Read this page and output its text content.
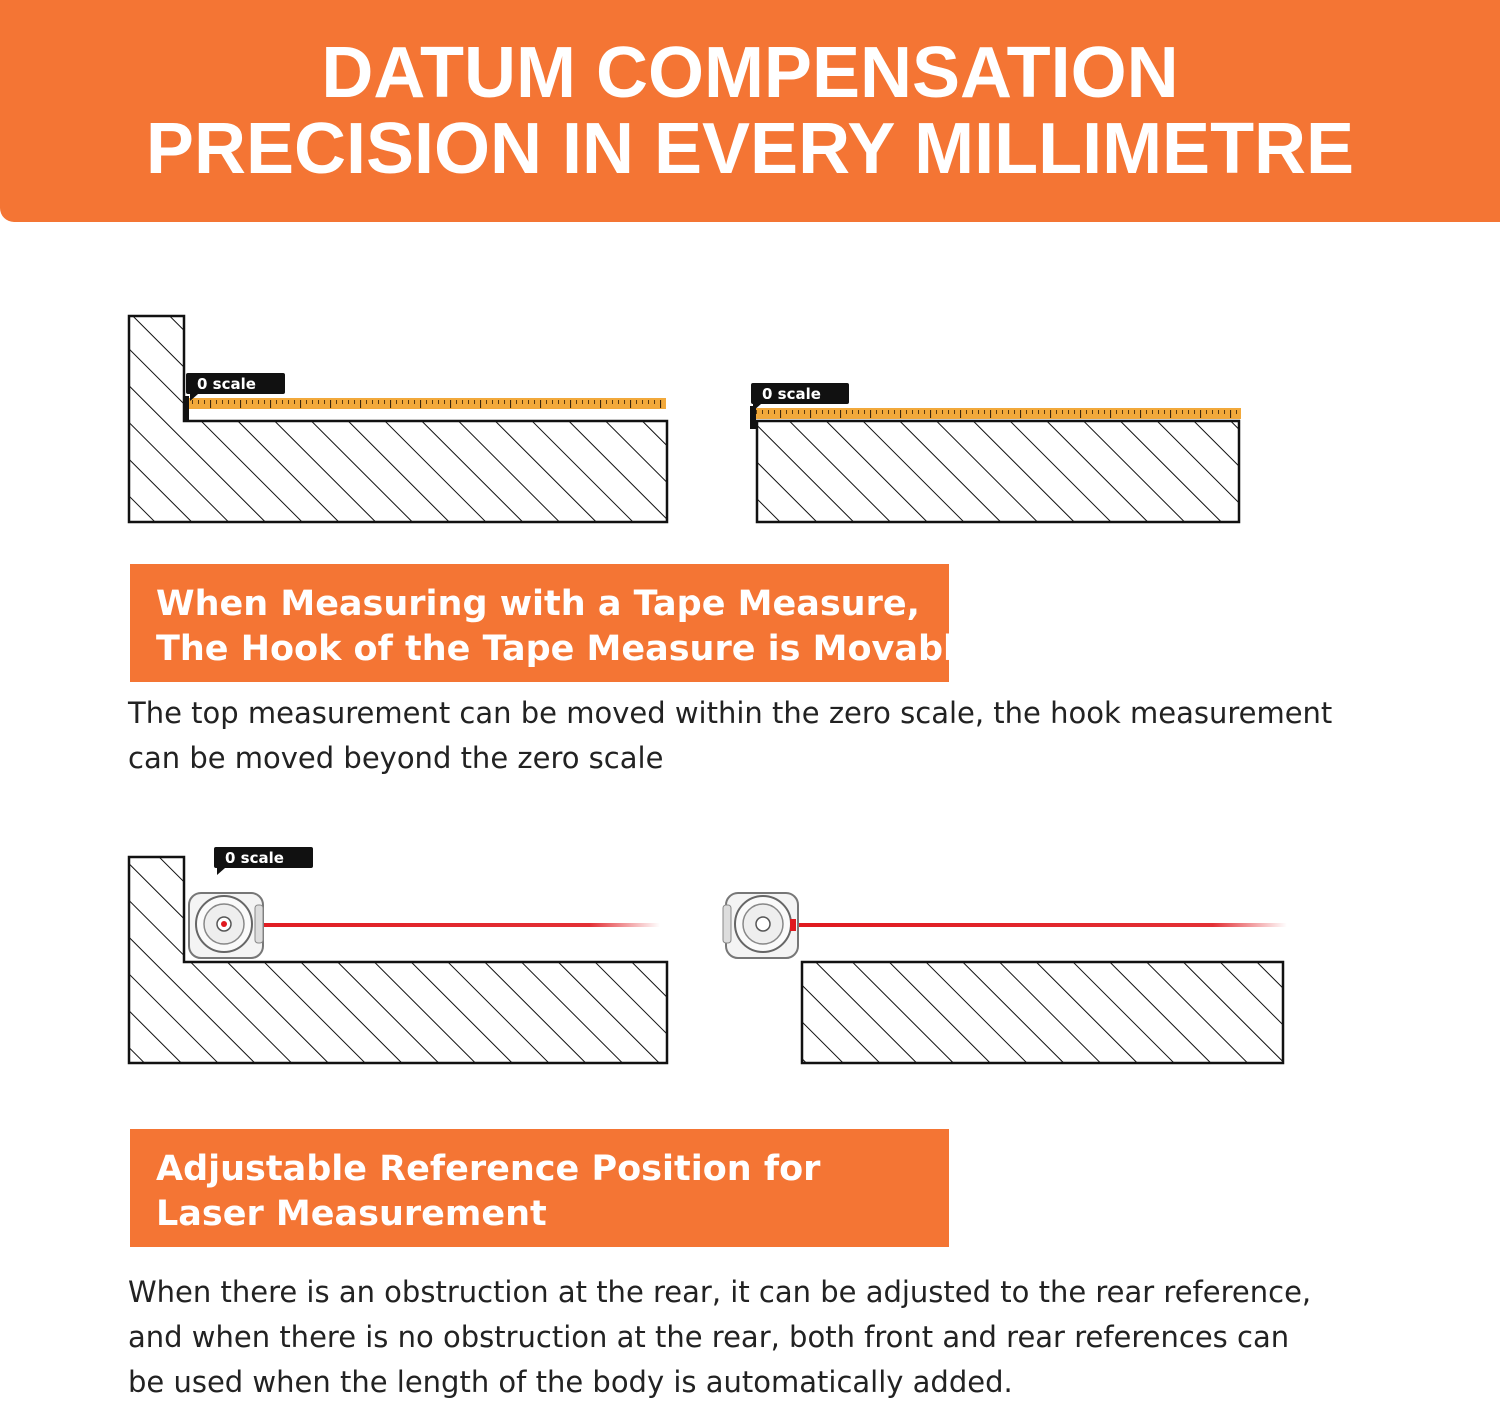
DATUM COMPENSATION
PRECISION IN EVERY MILLIMETRE
0 scale
0 scale
0 scale
When Measuring with a Tape Measure,
The Hook of the Tape Measure is Movable
The top measurement can be moved within the zero scale, the hook measurement
can be moved beyond the zero scale
Adjustable Reference Position for
Laser Measurement
When there is an obstruction at the rear, it can be adjusted to the rear reference,
and when there is no obstruction at the rear, both front and rear references can
be used when the length of the body is automatically added.
